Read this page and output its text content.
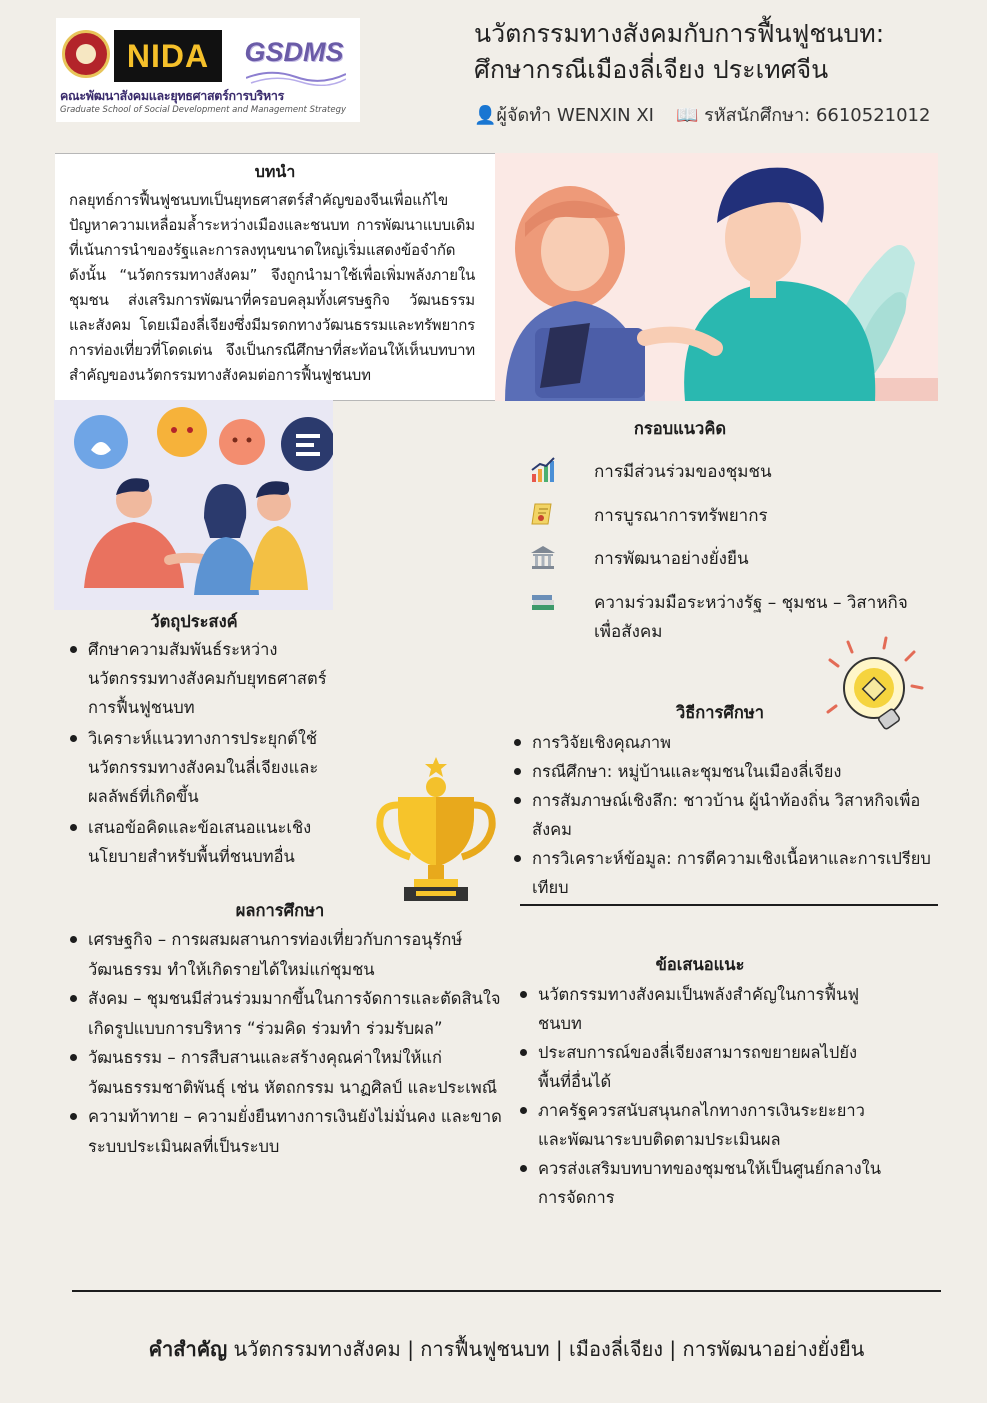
NIDA	GSDMS
คณะพัฒนาสังคมและยุทธศาสตร์การบริหาร
Graduate School of Social Development and Management Strategy
นวัตกรรมทางสังคมกับการฟื้นฟูชนบท:
ศึกษากรณีเมืองลี่เจียง ประเทศจีน
👤ผู้จัดทำ WENXIN XI 📖 รหัสนักศึกษา: 6610521012
บทนำ
กลยุทธ์การฟื้นฟูชนบทเป็นยุทธศาสตร์สำคัญของจีนเพื่อแก้ไขปัญหาความเหลื่อมล้ำระหว่างเมืองและชนบท การพัฒนาแบบเดิมที่เน้นการนำของรัฐและการลงทุนขนาดใหญ่เริ่มแสดงข้อจำกัด ดังนั้น “นวัตกรรมทางสังคม” จึงถูกนำมาใช้เพื่อเพิ่มพลังภายในชุมชน ส่งเสริมการพัฒนาที่ครอบคลุมทั้งเศรษฐกิจ วัฒนธรรม และสังคม โดยเมืองลี่เจียงซึ่งมีมรดกทางวัฒนธรรมและทรัพยากรการท่องเที่ยวที่โดดเด่น จึงเป็นกรณีศึกษาที่สะท้อนให้เห็นบทบาทสำคัญของนวัตกรรมทางสังคมต่อการฟื้นฟูชนบท
กรอบแนวคิด
การมีส่วนร่วมของชุมชน
การบูรณาการทรัพยากร
การพัฒนาอย่างยั่งยืน
ความร่วมมือระหว่างรัฐ – ชุมชน – วิสาหกิจเพื่อสังคม
วัตถุประสงค์
ศึกษาความสัมพันธ์ระหว่างนวัตกรรมทางสังคมกับยุทธศาสตร์การฟื้นฟูชนบท
วิเคราะห์แนวทางการประยุกต์ใช้นวัตกรรมทางสังคมในลี่เจียงและผลลัพธ์ที่เกิดขึ้น
เสนอข้อคิดและข้อเสนอแนะเชิงนโยบายสำหรับพื้นที่ชนบทอื่น
วิธีการศึกษา
การวิจัยเชิงคุณภาพ
กรณีศึกษา: หมู่บ้านและชุมชนในเมืองลี่เจียง
การสัมภาษณ์เชิงลึก: ชาวบ้าน ผู้นำท้องถิ่น วิสาหกิจเพื่อสังคม
การวิเคราะห์ข้อมูล: การตีความเชิงเนื้อหาและการเปรียบเทียบ
ผลการศึกษา
เศรษฐกิจ – การผสมผสานการท่องเที่ยวกับการอนุรักษ์วัฒนธรรม ทำให้เกิดรายได้ใหม่แก่ชุมชน
สังคม – ชุมชนมีส่วนร่วมมากขึ้นในการจัดการและตัดสินใจ เกิดรูปแบบการบริหาร “ร่วมคิด ร่วมทำ ร่วมรับผล”
วัฒนธรรม – การสืบสานและสร้างคุณค่าใหม่ให้แก่วัฒนธรรมชาติพันธุ์ เช่น หัตถกรรม นาฏศิลป์ และประเพณี
ความท้าทาย – ความยั่งยืนทางการเงินยังไม่มั่นคง และขาดระบบประเมินผลที่เป็นระบบ
ข้อเสนอแนะ
นวัตกรรมทางสังคมเป็นพลังสำคัญในการฟื้นฟูชนบท
ประสบการณ์ของลี่เจียงสามารถขยายผลไปยังพื้นที่อื่นได้
ภาครัฐควรสนับสนุนกลไกทางการเงินระยะยาวและพัฒนาระบบติดตามประเมินผล
ควรส่งเสริมบทบาทของชุมชนให้เป็นศูนย์กลางในการจัดการ
คำสำคัญ นวัตกรรมทางสังคม | การฟื้นฟูชนบท | เมืองลี่เจียง | การพัฒนาอย่างยั่งยืน
